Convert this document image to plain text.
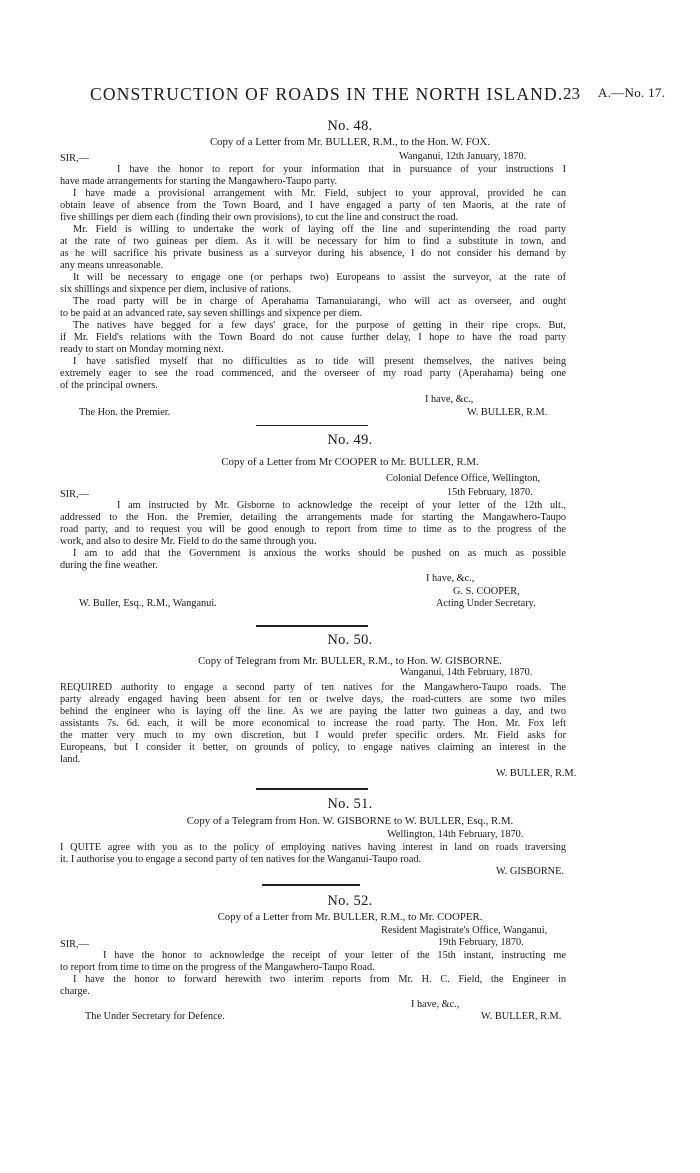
CONSTRUCTION OF ROADS IN THE NORTH ISLAND. 23 A.—No. 17.
No. 48.
Copy of a Letter from Mr. BULLER, R.M., to the Hon. W. FOX.
SIR,—	Wanganui, 12th January, 1870.
I have the honor to report for your information that in pursuance of your instructions I
have made arrangements for starting the Mangawhero-Taupo party.
I have made a provisional arrangement with Mr. Field, subject to your approval, provided he can
obtain leave of absence from the Town Board, and I have engaged a party of ten Maoris, at the rate of
five shillings per diem each (finding their own provisions), to cut the line and construct the road.
Mr. Field is willing to undertake the work of laying off the line and superintending the road party
at the rate of two guineas per diem. As it will be necessary for him to find a substitute in town, and
as he will sacrifice his private business as a surveyor during his absence, I do not consider his demand by
any means unreasonable.
It will be necessary to engage one (or perhaps two) Europeans to assist the surveyor, at the rate of
six shillings and sixpence per diem, inclusive of rations.
The road party will be in charge of Aperahama Tamanuiarangi, who will act as overseer, and ought
to be paid at an advanced rate, say seven shillings and sixpence per diem.
The natives have begged for a few days' grace, for the purpose of getting in their ripe crops. But,
if Mr. Field's relations with the Town Board do not cause further delay, I hope to have the road party
ready to start on Monday morning next.
I have satisfied myself that no difficulties as to tide will present themselves, the natives being
extremely eager to see the road commenced, and the overseer of my road party (Aperahama) being one
of the principal owners.
I have, &c.,
The Hon. the Premier.	W. BULLER, R.M.
No. 49.
Copy of a Letter from Mr COOPER to Mr. BULLER, R.M.
Colonial Defence Office, Wellington,
SIR,—	15th February, 1870.
I am instructed by Mr. Gisborne to acknowledge the receipt of your letter of the 12th ult.,
addressed to the Hon. the Premier, detailing the arrangements made for starting the Mangawhero-Taupo
road party, and to request you will be good enough to report from time to time as to the progress of the
work, and also to desire Mr. Field to do the same through you.
I am to add that the Government is anxious the works should be pushed on as much as possible
during the fine weather.
I have, &c.,
G. S. COOPER,
W. Buller, Esq., R.M., Wanganui.	Acting Under Secretary.
No. 50.
Copy of Telegram from Mr. BULLER, R.M., to Hon. W. GISBORNE.
Wanganui, 14th February, 1870.
REQUIRED authority to engage a second party of ten natives for the Mangawhero-Taupo roads. The
party already engaged having been absent for ten or twelve days, the road-cutters are some two miles
behind the engineer who is laying off the line. As we are paying the latter two guineas a day, and two
assistants 7s. 6d. each, it will be more economical to increase the road party. The Hon. Mr. Fox left
the matter very much to my own discretion, but I would prefer specific orders. Mr. Field asks for
Europeans, but I consider it better, on grounds of policy, to engage natives claiming an interest in the
land.
W. BULLER, R.M.
No. 51.
Copy of a Telegram from Hon. W. GISBORNE to W. BULLER, Esq., R.M.
Wellington, 14th February, 1870.
I QUITE agree with you as to the policy of employing natives having interest in land on roads traversing
it. I authorise you to engage a second party of ten natives for the Wanganui-Taupo road.
W. GISBORNE.
No. 52.
Copy of a Letter from Mr. BULLER, R.M., to Mr. COOPER.
Resident Magistrate's Office, Wanganui,
SIR,—	19th February, 1870.
I have the honor to acknowledge the receipt of your letter of the 15th instant, instructing me
to report from time to time on the progress of the Mangawhero-Taupo Road.
I have the honor to forward herewith two interim reports from Mr. H. C. Field, the Engineer in
charge.
I have, &c.,
The Under Secretary for Defence.	W. BULLER, R.M.
